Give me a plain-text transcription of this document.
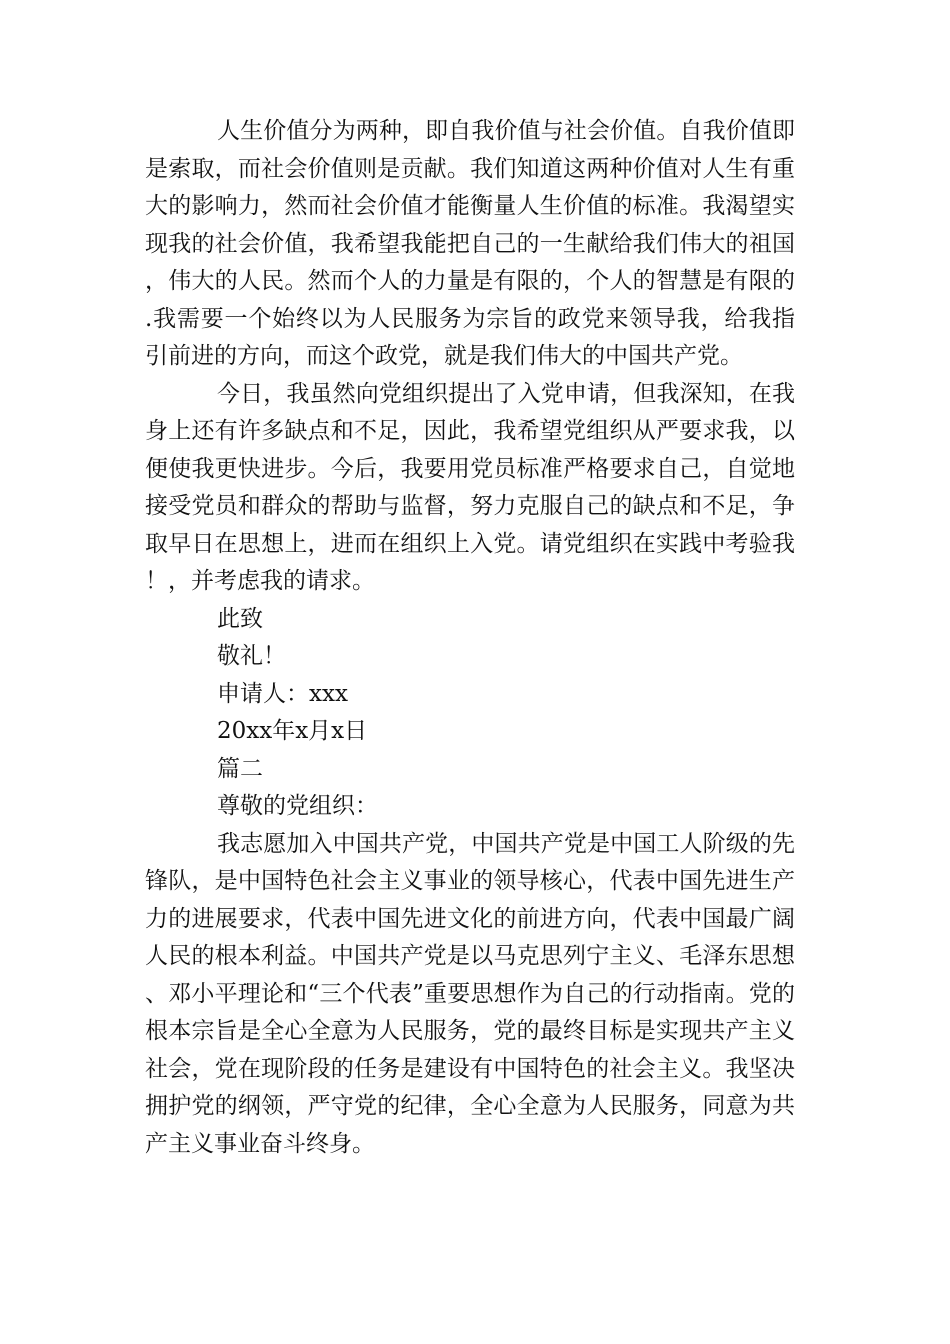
人生价值分为两种，即自我价值与社会价值。自我价值即是索取，而社会价值则是贡献。我们知道这两种价值对人生有重大的影响力，然而社会价值才能衡量人生价值的标准。我渴望实现我的社会价值，我希望我能把自己的一生献给我们伟大的祖国，伟大的人民。然而个人的力量是有限的，个人的智慧是有限的.我需要一个始终以为人民服务为宗旨的政党来领导我，给我指引前进的方向，而这个政党，就是我们伟大的中国共产党。

今日，我虽然向党组织提出了入党申请，但我深知，在我身上还有许多缺点和不足，因此，我希望党组织从严要求我，以便使我更快进步。今后，我要用党员标准严格要求自己，自觉地接受党员和群众的帮助与监督，努力克服自己的缺点和不足，争取早日在思想上，进而在组织上入党。请党组织在实践中考验我！，并考虑我的请求。

此致

敬礼！

申请人：xxx

20xx年x月x日

篇二

尊敬的党组织：

我志愿加入中国共产党，中国共产党是中国工人阶级的先锋队，是中国特色社会主义事业的领导核心，代表中国先进生产力的进展要求，代表中国先进文化的前进方向，代表中国最广阔人民的根本利益。中国共产党是以马克思列宁主义、毛泽东思想、邓小平理论和“三个代表”重要思想作为自己的行动指南。党的根本宗旨是全心全意为人民服务，党的最终目标是实现共产主义社会，党在现阶段的任务是建设有中国特色的社会主义。我坚决拥护党的纲领，严守党的纪律，全心全意为人民服务，同意为共产主义事业奋斗终身。
